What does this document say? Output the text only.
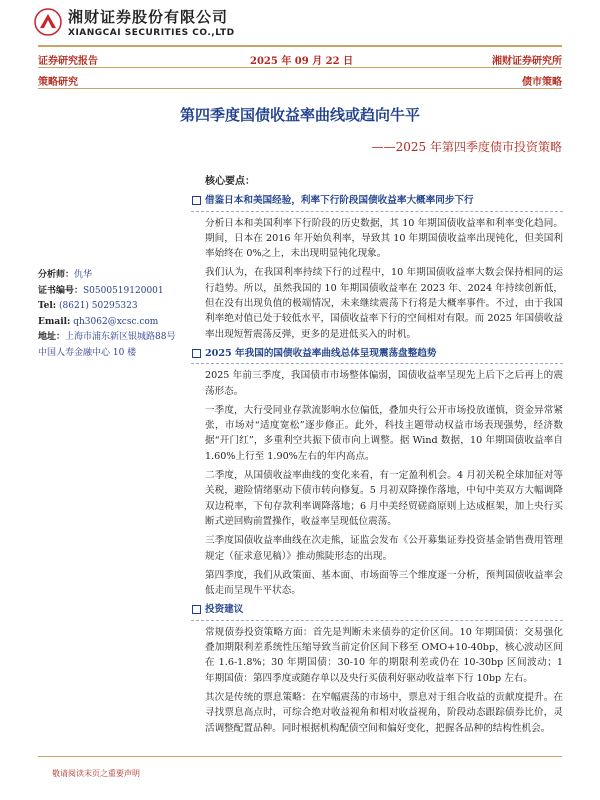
湘财证券股份有限公司
XIANGCAI SECURITIES CO.,LTD
证券研究报告	2025 年 09 月 22 日	湘财证券研究所
策略研究	债市策略
第四季度国债收益率曲线或趋向牛平
——2025 年第四季度债市投资策略
分析师：仇华
证书编号：S0500519120001
Tel: (8621) 50295323
Email: qh3062@xcsc.com
地址：上海市浦东新区银城路88号
中国人寿金融中心 10 楼
核心要点：
借鉴日本和美国经验，利率下行阶段国债收益率大概率同步下行

分析日本和美国利率下行阶段的历史数据，其 10 年期国债收益率和利率变化趋同。期间，日本在 2016 年开始负利率，导致其 10 年期国债收益率出现钝化，但美国利率始终在 0%之上，未出现明显钝化现象。

我们认为，在我国利率持续下行的过程中，10 年期国债收益率大数会保持相同的运行趋势。所以，虽然我国的 10 年期国债收益率在 2023 年、2024 年持续创新低，但在没有出现负值的极端情况，未来继续震荡下行将是大概率事件。不过，由于我国利率绝对值已处于较低水平，国债收益率下行的空间相对有限。而 2025 年国债收益率出现短暂震荡反弹，更多的是进低买入的时机。

2025 年我国的国债收益率曲线总体呈现震荡盘整趋势

2025 年前三季度，我国债市市场整体偏弱，国债收益率呈现先上后下之后再上的震荡形态。

一季度，大行受同业存款流影响水位偏低，叠加央行公开市场投放谨慎，资金异常紧张，市场对“适度宽松”逐步修正。此外，科技主题带动权益市场表现强势，经济数据“开门红”，多重利空共振下债市向上调整。据 Wind 数据，10 年期国债收益率自 1.60%上行至 1.90%左右的年内高点。

二季度，从国债收益率曲线的变化来看，有一定盈利机会。4 月初关税全球加征对等关税，避险情绪驱动下债市转向修复。5 月初双降操作落地，中旬中美双方大幅调降双边税率，下旬存款利率调降落地；6 月中美经贸磋商原则上达成框架，加上央行买断式逆回购前置操作，收益率呈现低位震荡。

三季度国债收益率曲线在次走熊，证监会发布《公开募集证券投资基金销售费用管理规定（征求意见稿）》推动熊陡形态的出现。

第四季度，我们从政策面、基本面、市场面等三个维度逐一分析，预判国债收益率会低走而呈现牛平状态。

投资建议

常规债券投资策略方面：首先是判断未来债券的定价区间。10 年期国债：交易强化叠加期限利差系统性压缩导致当前定价区间下移至 OMO+10-40bp，核心波动区间在 1.6-1.8%；30 年期国债：30-10 年的期限利差或仍在 10-30bp 区间波动；1 年期国债：第四季度或随存单以及央行买债利好驱动收益率下行 10bp 左右。

其次是传统的票息策略：在窄幅震荡的市场中，票息对于组合收益的贡献度提升。在寻找票息高点时，可综合绝对收益视角和相对收益视角，阶段动态跟踪债券比价，灵活调整配置品种。同时根据机构配债空间和偏好变化，把握各品种的结构性机会。

敬请阅读末页之重要声明
